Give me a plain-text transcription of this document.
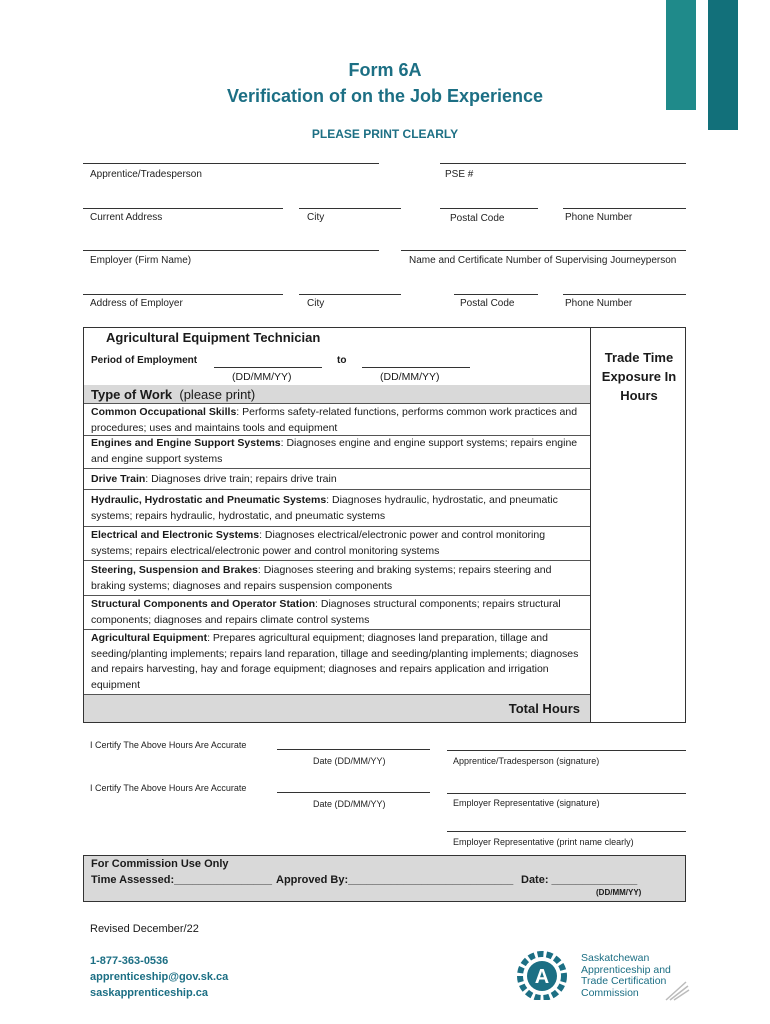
Form 6A
Verification of on the Job Experience
PLEASE PRINT CLEARLY
Apprentice/Tradesperson	PSE #
Current Address	City	Postal Code	Phone Number
Employer (Firm Name)	Name and Certificate Number of Supervising Journeyperson
Address of Employer	City	Postal Code	Phone Number
Agricultural Equipment Technician
Period of Employment	to
(DD/MM/YY)	(DD/MM/YY)
Type of Work (please print)
Trade Time
Exposure In
Hours
Common Occupational Skills: Performs safety-related functions, performs common work practices and procedures; uses and maintains tools and equipment
Engines and Engine Support Systems: Diagnoses engine and engine support systems; repairs engine and engine support systems
Drive Train: Diagnoses drive train; repairs drive train
Hydraulic, Hydrostatic and Pneumatic Systems: Diagnoses hydraulic, hydrostatic, and pneumatic systems; repairs hydraulic, hydrostatic, and pneumatic systems
Electrical and Electronic Systems: Diagnoses electrical/electronic power and control monitoring systems; repairs electrical/electronic power and control monitoring systems
Steering, Suspension and Brakes: Diagnoses steering and braking systems; repairs steering and braking systems; diagnoses and repairs suspension components
Structural Components and Operator Station: Diagnoses structural components; repairs structural components; diagnoses and repairs climate control systems
Agricultural Equipment: Prepares agricultural equipment; diagnoses land preparation, tillage and seeding/planting implements; repairs land reparation, tillage and seeding/planting implements; diagnoses and repairs harvesting, hay and forage equipment; diagnoses and repairs application and irrigation equipment
Total Hours
I Certify The Above Hours Are Accurate
Date (DD/MM/YY)	Apprentice/Tradesperson (signature)
I Certify The Above Hours Are Accurate
Date (DD/MM/YY)	Employer Representative (signature)
Employer Representative (print name clearly)
For Commission Use Only
Time Assessed:________________ Approved By:___________________________ Date: ______________
(DD/MM/YY)
Revised December/22
1-877-363-0536
apprenticeship@gov.sk.ca
saskapprenticeship.ca
A
Saskatchewan
Apprenticeship and
Trade Certification
Commission
